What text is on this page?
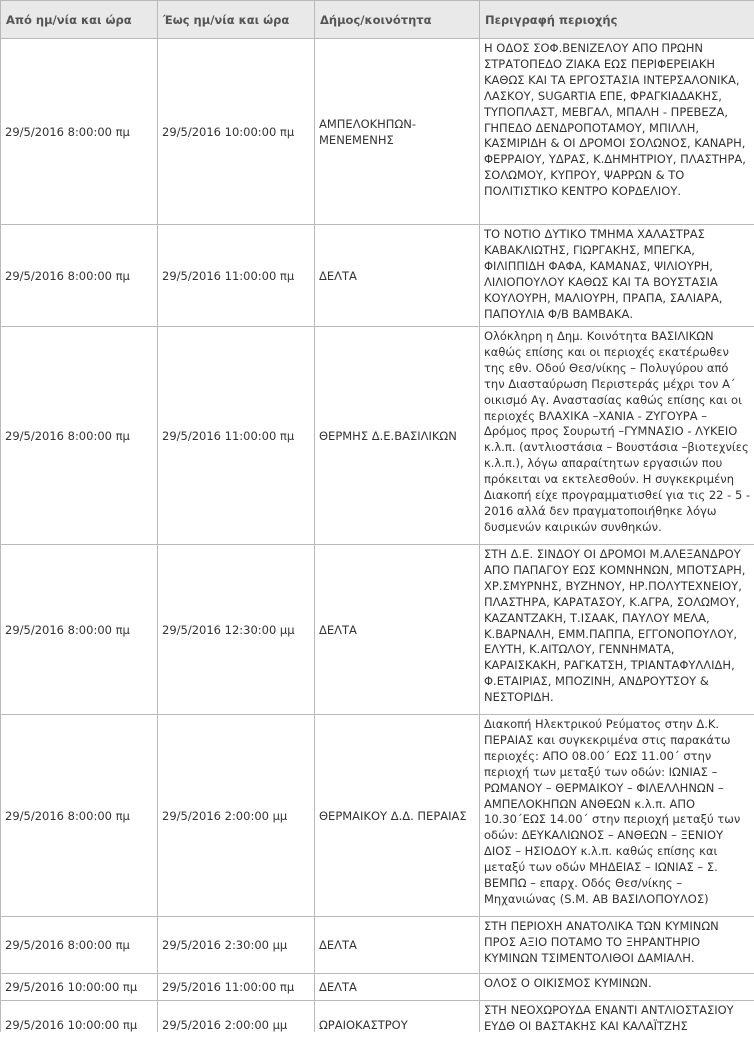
Από ημ/νία και ώρα	Έως ημ/νία και ώρα	Δήμος/κοινότητα	Περιγραφή περιοχής
29/5/2016 8:00:00 πμ	29/5/2016 10:00:00 πμ	ΑΜΠΕΛΟΚΗΠΩΝ-ΜΕΝΕΜΕΝΗΣ	Η ΟΔΟΣ ΣΟΦ.ΒΕΝΙΖΕΛΟΥ ΑΠΟ ΠΡΩΗΝ ΣΤΡΑΤΟΠΕΔΟ ΖΙΑΚΑ ΕΩΣ ΠΕΡΙΦΕΡΕΙΑΚΗ ΚΑΘΩΣ ΚΑΙ ΤΑ ΕΡΓΟΣΤΑΣΙΑ ΙΝΤΕΡΣΑΛΟΝΙΚΑ, ΛΑΣΚΟΥ, SUGARTIA ΕΠΕ, ΦΡΑΓΚΙΑΔΑΚΗΣ, ΤΥΠΟΠΛΑΣΤ, ΜΕΒΓΑΛ, ΜΠΑΛΗ - ΠΡΕΒΕΖΑ, ΓΗΠΕΔΟ ΔΕΝΔΡΟΠΟΤΑΜΟΥ, ΜΠΙΛΛΗ, ΚΑΣΜΙΡΙΔΗ & ΟΙ ΔΡΟΜΟΙ ΣΟΛΩΝΟΣ, ΚΑΝΑΡΗ, ΦΕΡΡΑΙΟΥ, ΥΔΡΑΣ, Κ.ΔΗΜΗΤΡΙΟΥ, ΠΛΑΣΤΗΡΑ, ΣΟΛΩΜΟΥ, ΚΥΠΡΟΥ, ΨΑΡΡΩΝ & ΤΟ ΠΟΛΙΤΙΣΤΙΚΟ ΚΕΝΤΡΟ ΚΟΡΔΕΛΙΟΥ.
29/5/2016 8:00:00 πμ	29/5/2016 11:00:00 πμ	ΔΕΛΤΑ	ΤΟ ΝΟΤΙΟ ΔΥΤΙΚΟ ΤΜΗΜΑ ΧΑΛΑΣΤΡΑΣ ΚΑΒΑΚΛΙΩΤΗΣ, ΓΙΩΡΓΑΚΗΣ, ΜΠΕΓΚΑ, ΦΙΛΙΠΠΙΔΗ ΦΑΦΑ, ΚΑΜΑΝΑΣ, ΨΙΛΙΟΥΡΗ, ΛΙΛΙΟΠΟΥΛΟΥ ΚΑΘΩΣ ΚΑΙ ΤΑ ΒΟΥΣΤΑΣΙΑ ΚΟΥΛΟΥΡΗ, ΜΑΛΙΟΥΡΗ, ΠΡΑΠΑ, ΣΑΛΙΑΡΑ, ΠΑΠΟΥΛΙΑ Φ/Β ΒΑΜΒΑΚΑ.
29/5/2016 8:00:00 πμ	29/5/2016 11:00:00 πμ	ΘΕΡΜΗΣ Δ.Ε.ΒΑΣΙΛΙΚΩΝ	Ολόκληρη η Δημ. Κοινότητα ΒΑΣΙΛΙΚΩΝ καθώς επίσης και οι περιοχές εκατέρωθεν της εθν. Οδού Θεσ/νίκης – Πολυγύρου από την Διασταύρωση Περιστεράς μέχρι τον Α΄ οικισμό Αγ. Αναστασίας καθώς επίσης και οι περιοχές ΒΛΑΧΙΚΑ –ΧΑΝΙΑ - ΖΥΓΟΥΡΑ – Δρόμος προς Σουρωτή –ΓΥΜΝΑΣΙΟ - ΛΥΚΕΙΟ κ.λ.π. (αντλιοστάσια – Βουστάσια –βιοτεχνίες κ.λ.π.), λόγω απαραίτητων εργασιών που πρόκειται να εκτελεσθούν. Η συγκεκριμένη Διακοπή είχε προγραμματισθεί για τις 22 - 5 - 2016 αλλά δεν πραγματοποιήθηκε λόγω δυσμενών καιρικών συνθηκών.
29/5/2016 8:00:00 πμ	29/5/2016 12:30:00 μμ	ΔΕΛΤΑ	ΣΤΗ Δ.Ε. ΣΙΝΔΟΥ ΟΙ ΔΡΟΜΟΙ Μ.ΑΛΕΞΑΝΔΡΟΥ ΑΠΟ ΠΑΠΑΓΟΥ ΕΩΣ ΚΟΜΝΗΝΩΝ, ΜΠΟΤΣΑΡΗ, ΧΡ.ΣΜΥΡΝΗΣ, ΒΥΖΗΝΟΥ, ΗΡ.ΠΟΛΥΤΕΧΝΕΙΟΥ, ΠΛΑΣΤΗΡΑ, ΚΑΡΑΤΑΣΟΥ, Κ.ΑΓΡΑ, ΣΟΛΩΜΟΥ, ΚΑΖΑΝΤΖΑΚΗ, Τ.ΙΣΑΑΚ, ΠΑΥΛΟΥ ΜΕΛΑ, Κ.ΒΑΡΝΑΛΗ, ΕΜΜ.ΠΑΠΠΑ, ΕΓΓΟΝΟΠΟΥΛΟΥ, ΕΛΥΤΗ, Κ.ΑΙΤΩΛΟΥ, ΓΕΝΝΗΜΑΤΑ, ΚΑΡΑΙΣΚΑΚΗ, ΡΑΓΚΑΤΣΗ, ΤΡΙΑΝΤΑΦΥΛΛΙΔΗ, Φ.ΕΤΑΙΡΙΑΣ, ΜΠΟΖΙΝΗ, ΑΝΔΡΟΥΤΣΟΥ & ΝΕΣΤΟΡΙΔΗ.
29/5/2016 8:00:00 πμ	29/5/2016 2:00:00 μμ	ΘΕΡΜΑΙΚΟΥ Δ.Δ. ΠΕΡΑΙΑΣ	Διακοπή Ηλεκτρικού Ρεύματος στην Δ.Κ. ΠΕΡΑΙΑΣ και συγκεκριμένα στις παρακάτω περιοχές: ΑΠΟ 08.00΄ ΕΩΣ 11.00΄ στην περιοχή των μεταξύ των οδών: ΙΩΝΙΑΣ – ΡΩΜΑΝΟΥ – ΘΕΡΜΑΙΚΟΥ – ΦΙΛΕΛΛΗΝΩΝ – ΑΜΠΕΛΟΚΗΠΩΝ ΑΝΘΕΩΝ κ.λ.π. ΑΠΟ 10.30΄ΕΩΣ 14.00΄ στην περιοχή μεταξύ των οδών: ΔΕΥΚΑΛΙΩΝΟΣ – ΑΝΘΕΩΝ – ΞΕΝΙΟΥ ΔΙΟΣ – ΗΣΙΟΔΟΥ κ.λ.π. καθώς επίσης και μεταξύ των οδών ΜΗΔΕΙΑΣ – ΙΩΝΙΑΣ – Σ. ΒΕΜΠΩ – επαρχ. Οδός Θεσ/νίκης – Μηχανιώνας (S.M. ΑΒ ΒΑΣΙΛΟΠΟΥΛΟΣ)
29/5/2016 8:00:00 πμ	29/5/2016 2:30:00 μμ	ΔΕΛΤΑ	ΣΤΗ ΠΕΡΙΟΧΗ ΑΝΑΤΟΛΙΚΑ ΤΩΝ ΚΥΜΙΝΩΝ ΠΡΟΣ ΑΞΙΟ ΠΟΤΑΜΟ ΤΟ ΞΗΡΑΝΤΗΡΙΟ ΚΥΜΙΝΩΝ ΤΣΙΜΕΝΤΟΛΙΘΟΙ ΔΑΜΙΑΛΗ.
29/5/2016 10:00:00 πμ	29/5/2016 11:00:00 πμ	ΔΕΛΤΑ	ΟΛΟΣ Ο ΟΙΚΙΣΜΟΣ ΚΥΜΙΝΩΝ.
29/5/2016 10:00:00 πμ	29/5/2016 2:00:00 μμ	ΩΡΑΙΟΚΑΣΤΡΟΥ	ΣΤΗ ΝΕΟΧΩΡΟΥΔΑ ΕΝΑΝΤΙ ΑΝΤΛΙΟΣΤΑΣΙΟΥ ΕΥΔΘ ΟΙ ΒΑΣΤΑΚΗΣ ΚΑΙ ΚΑΛΑΪΤΖΗΣ
